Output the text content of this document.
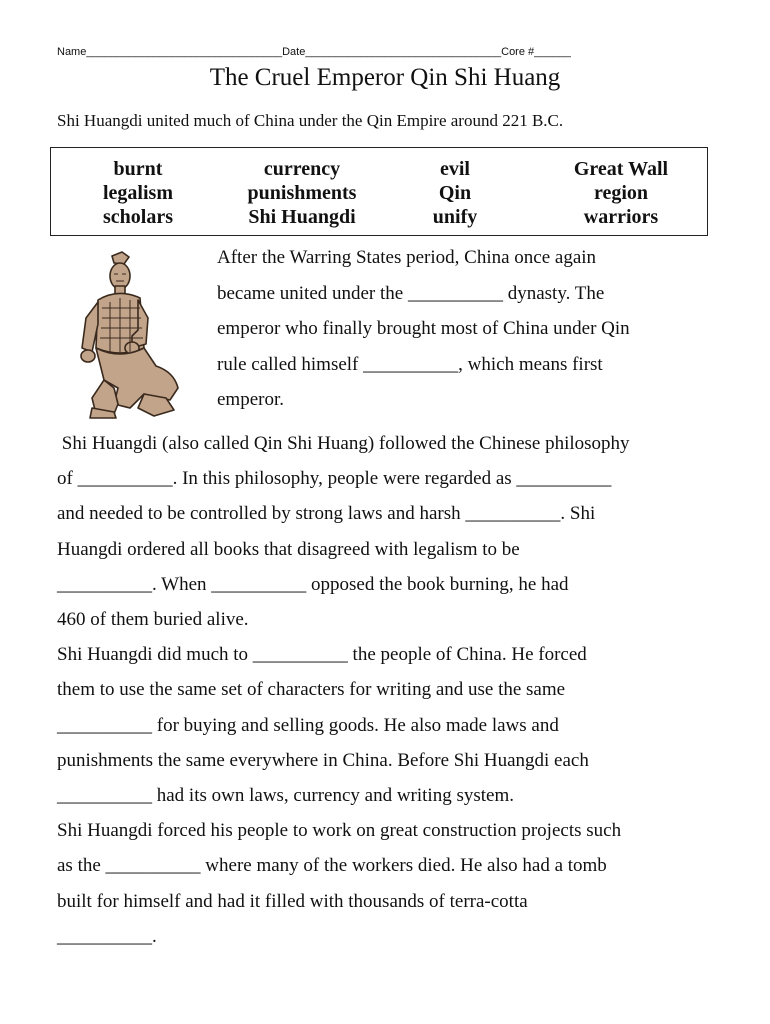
Name________________________________Date________________________________Core #______
The Cruel Emperor Qin Shi Huang
Shi Huangdi united much of China under the Qin Empire around 221 B.C.
burnt
legalism
scholars
currency
punishments
Shi Huangdi
evil
Qin
unify
Great Wall
region
warriors
After the Warring States period, China once again
became united under the __________ dynasty. The
emperor who finally brought most of China under Qin
rule called himself __________, which means first
emperor.
Shi Huangdi (also called Qin Shi Huang) followed the Chinese philosophy
of __________. In this philosophy, people were regarded as __________
and needed to be controlled by strong laws and harsh __________. Shi
Huangdi ordered all books that disagreed with legalism to be
__________. When __________ opposed the book burning, he had
460 of them buried alive.
Shi Huangdi did much to __________ the people of China. He forced
them to use the same set of characters for writing and use the same
__________ for buying and selling goods. He also made laws and
punishments the same everywhere in China. Before Shi Huangdi each
__________ had its own laws, currency and writing system.
Shi Huangdi forced his people to work on great construction projects such
as the __________ where many of the workers died. He also had a tomb
built for himself and had it filled with thousands of terra-cotta
__________.
